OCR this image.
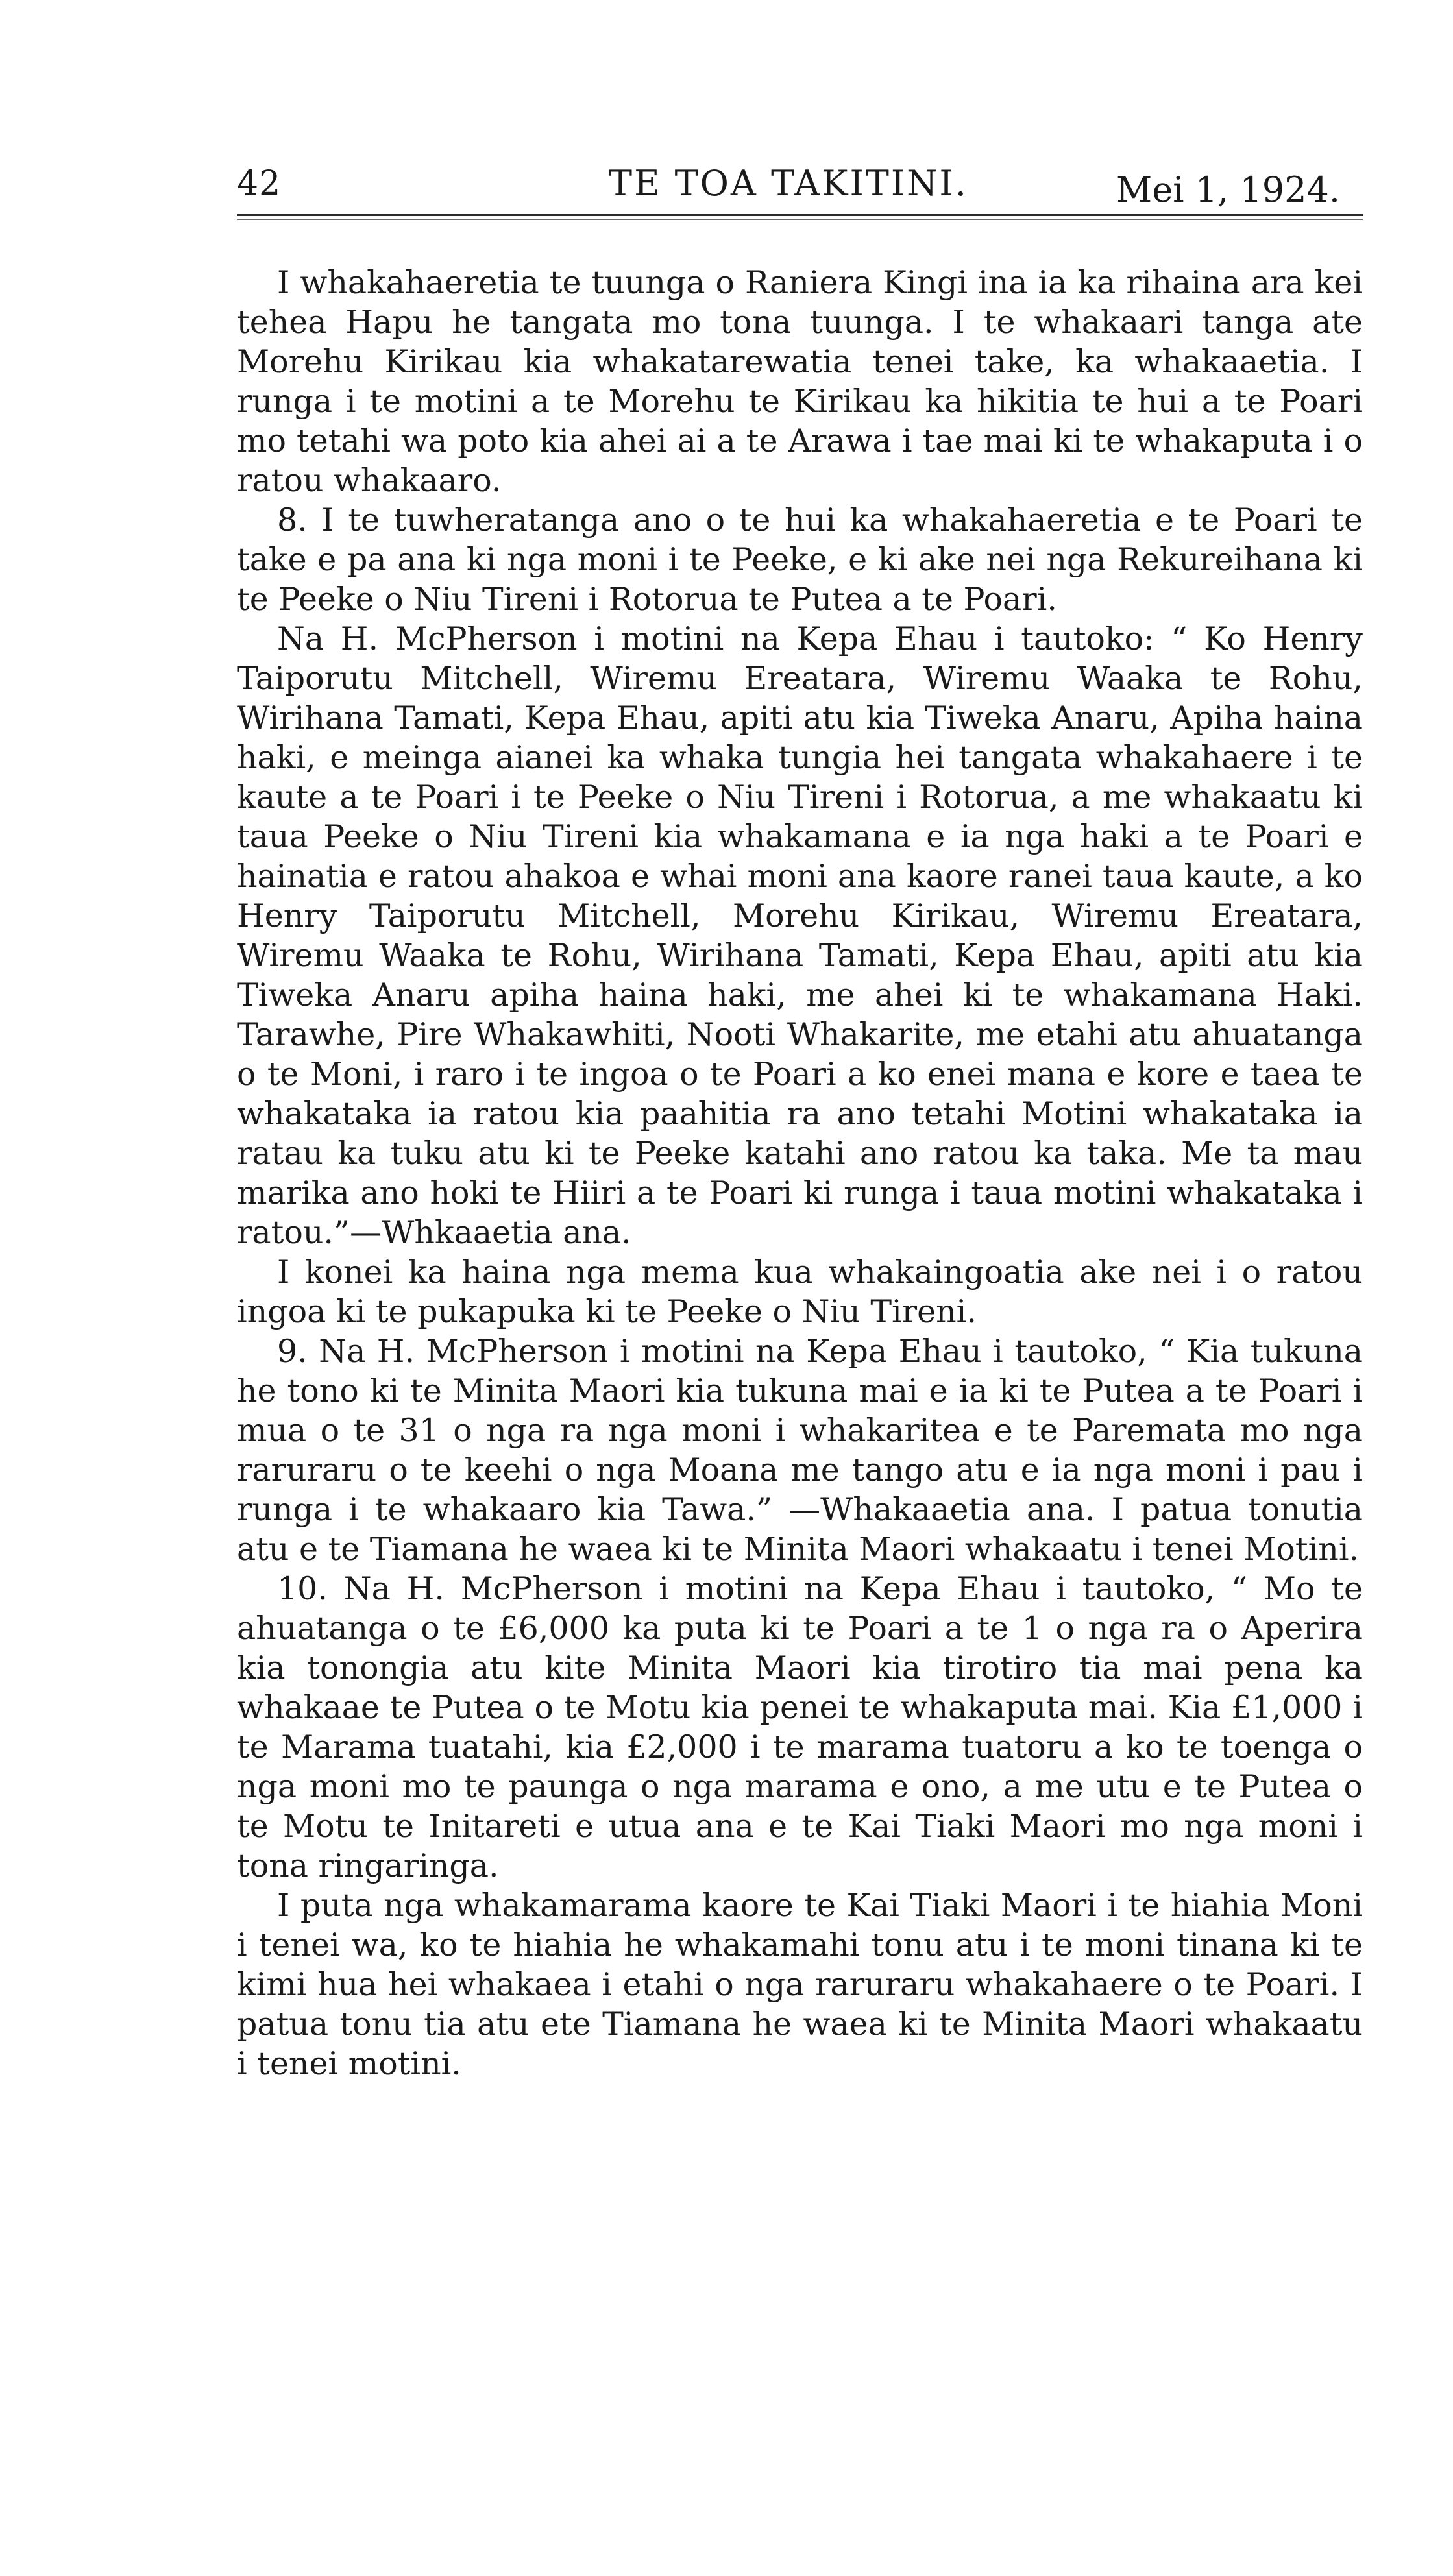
42	TE TOA TAKITINI.	Mei 1, 1924.

I whakahaeretia te tuunga o Raniera Kingi ina ia ka rihaina ara kei tehea Hapu he tangata mo tona tuunga. I te whakaari tanga ate Morehu Kirikau kia whakatarewatia tenei take, ka whakaaetia. I runga i te motini a te Morehu te Kirikau ka hikitia te hui a te Poari mo tetahi wa poto kia ahei ai a te Arawa i tae mai ki te whakaputa i o ratou whakaaro.

8. I te tuwheratanga ano o te hui ka whakahaeretia e te Poari te take e pa ana ki nga moni i te Peeke, e ki ake nei nga Rekureihana ki te Peeke o Niu Tireni i Rotorua te Putea a te Poari.

Na H. McPherson i motini na Kepa Ehau i tautoko: “ Ko Henry Taiporutu Mitchell, Wiremu Ereatara, Wiremu Waaka te Rohu, Wirihana Tamati, Kepa Ehau, apiti atu kia Tiweka Anaru, Apiha haina haki, e meinga aianei ka whaka tungia hei tangata whakahaere i te kaute a te Poari i te Peeke o Niu Tireni i Rotorua, a me whakaatu ki taua Peeke o Niu Tireni kia whakamana e ia nga haki a te Poari e hainatia e ratou ahakoa e whai moni ana kaore ranei taua kaute, a ko Henry Taiporutu Mitchell, Morehu Kirikau, Wiremu Ereatara, Wiremu Waaka te Rohu, Wirihana Tamati, Kepa Ehau, apiti atu kia Tiweka Anaru apiha haina haki, me ahei ki te whakamana Haki. Tarawhe, Pire Whakawhiti, Nooti Whakarite, me etahi atu ahuatanga o te Moni, i raro i te ingoa o te Poari a ko enei mana e kore e taea te whakataka ia ratou kia paahitia ra ano tetahi Motini whakataka ia ratau ka tuku atu ki te Peeke katahi ano ratou ka taka. Me ta mau marika ano hoki te Hiiri a te Poari ki runga i taua motini whakataka i ratou.”—Whkaaetia ana.

I konei ka haina nga mema kua whakaingoatia ake nei i o ratou ingoa ki te pukapuka ki te Peeke o Niu Tireni.

9. Na H. McPherson i motini na Kepa Ehau i tautoko, “ Kia tukuna he tono ki te Minita Maori kia tukuna mai e ia ki te Putea a te Poari i mua o te 31 o nga ra nga moni i whakaritea e te Paremata mo nga raruraru o te keehi o nga Moana me tango atu e ia nga moni i pau i runga i te whakaaro kia Tawa.” —Whakaaetia ana. I patua tonutia atu e te Tiamana he waea ki te Minita Maori whakaatu i tenei Motini.

10. Na H. McPherson i motini na Kepa Ehau i tautoko, “ Mo te ahuatanga o te £6,000 ka puta ki te Poari a te 1 o nga ra o Aperira kia tonongia atu kite Minita Maori kia tirotiro tia mai pena ka whakaae te Putea o te Motu kia penei te whakaputa mai. Kia £1,000 i te Marama tuatahi, kia £2,000 i te marama tuatoru a ko te toenga o nga moni mo te paunga o nga marama e ono, a me utu e te Putea o te Motu te Initareti e utua ana e te Kai Tiaki Maori mo nga moni i tona ringaringa.

I puta nga whakamarama kaore te Kai Tiaki Maori i te hiahia Moni i tenei wa, ko te hiahia he whakamahi tonu atu i te moni tinana ki te kimi hua hei whakaea i etahi o nga raruraru whakahaere o te Poari. I patua tonu tia atu ete Tiamana he waea ki te Minita Maori whakaatu i tenei motini.
